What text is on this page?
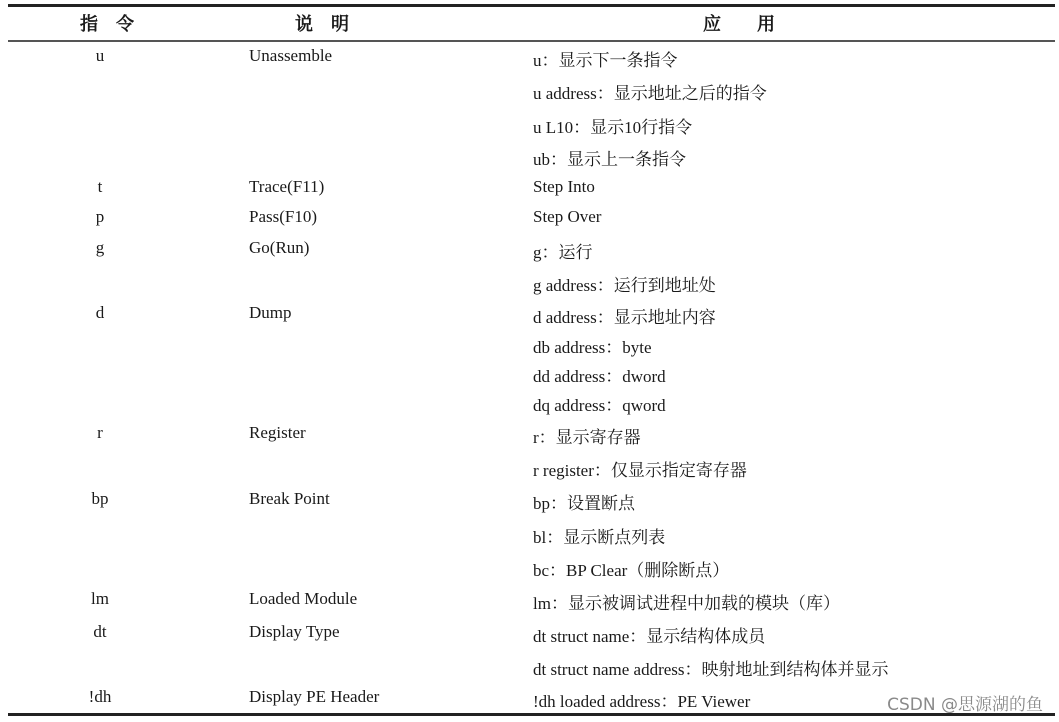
指　令	说　明	应　　用
u	Unassemble	u：显示下一条指令
u address：显示地址之后的指令
u L10：显示10行指令
ub：显示上一条指令
t	Trace(F11)	Step Into
p	Pass(F10)	Step Over
g	Go(Run)	g：运行
g address：运行到地址处
d	Dump	d address：显示地址内容
db address：byte
dd address：dword
dq address：qword
r	Register	r：显示寄存器
r register：仅显示指定寄存器
bp	Break Point	bp：设置断点
bl：显示断点列表
bc：BP Clear（删除断点）
lm	Loaded Module	lm：显示被调试进程中加载的模块（库）
dt	Display Type	dt struct name：显示结构体成员
dt struct name address：映射地址到结构体并显示
!dh	Display PE Header	!dh loaded address：PE Viewer	CSDN @思源湖的鱼
